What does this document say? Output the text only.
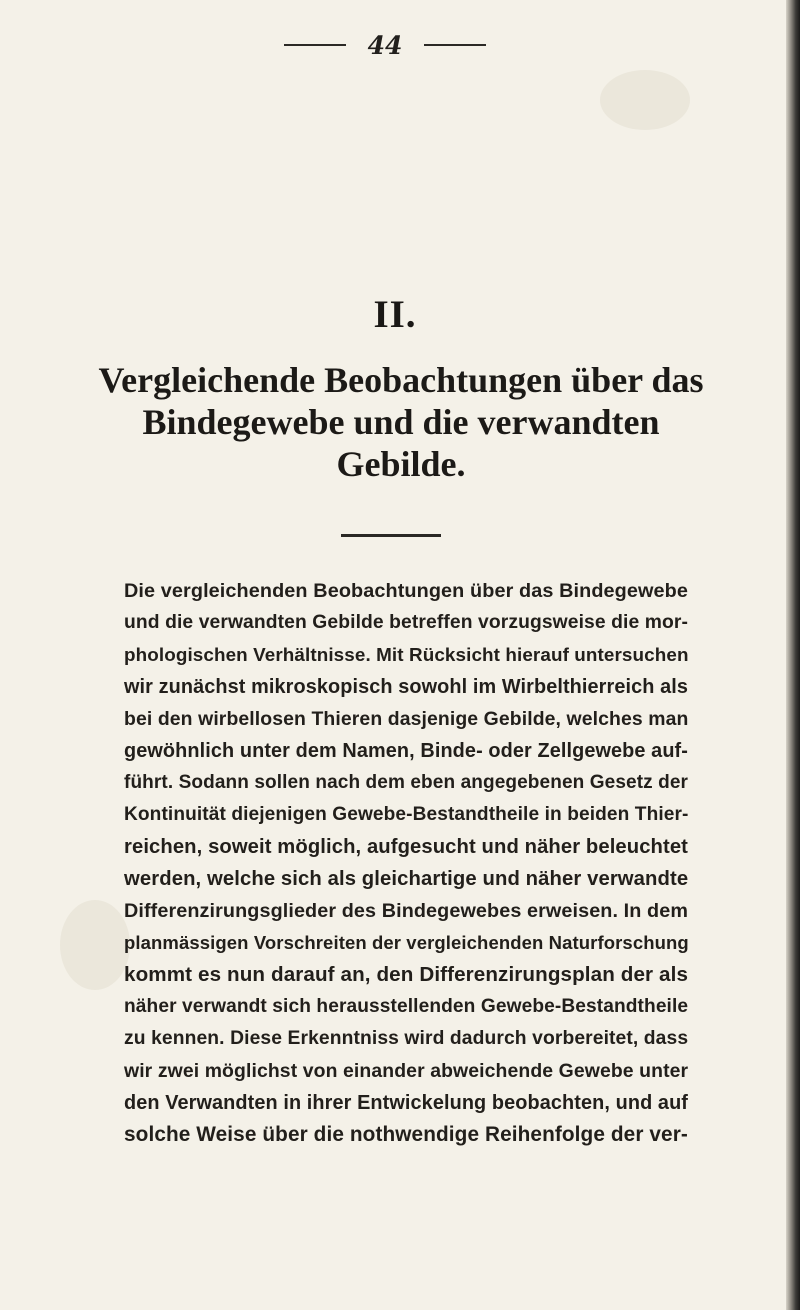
44
II.
Vergleichende Beobachtungen über das Bindegewebe und die verwandten Gebilde.

Die vergleichenden Beobachtungen über das Bindegewebe
und die verwandten Gebilde betreffen vorzugsweise die mor-
phologischen Verhältnisse. Mit Rücksicht hierauf untersuchen
wir zunächst mikroskopisch sowohl im Wirbelthierreich als
bei den wirbellosen Thieren dasjenige Gebilde, welches man
gewöhnlich unter dem Namen, Binde- oder Zellgewebe auf-
führt. Sodann sollen nach dem eben angegebenen Gesetz der
Kontinuität diejenigen Gewebe-Bestandtheile in beiden Thier-
reichen, soweit möglich, aufgesucht und näher beleuchtet
werden, welche sich als gleichartige und näher verwandte
Differenzirungsglieder des Bindegewebes erweisen. In dem
planmässigen Vorschreiten der vergleichenden Naturforschung
kommt es nun darauf an, den Differenzirungsplan der als
näher verwandt sich herausstellenden Gewebe-Bestandtheile
zu kennen. Diese Erkenntniss wird dadurch vorbereitet, dass
wir zwei möglichst von einander abweichende Gewebe unter
den Verwandten in ihrer Entwickelung beobachten, und auf
solche Weise über die nothwendige Reihenfolge der ver-
